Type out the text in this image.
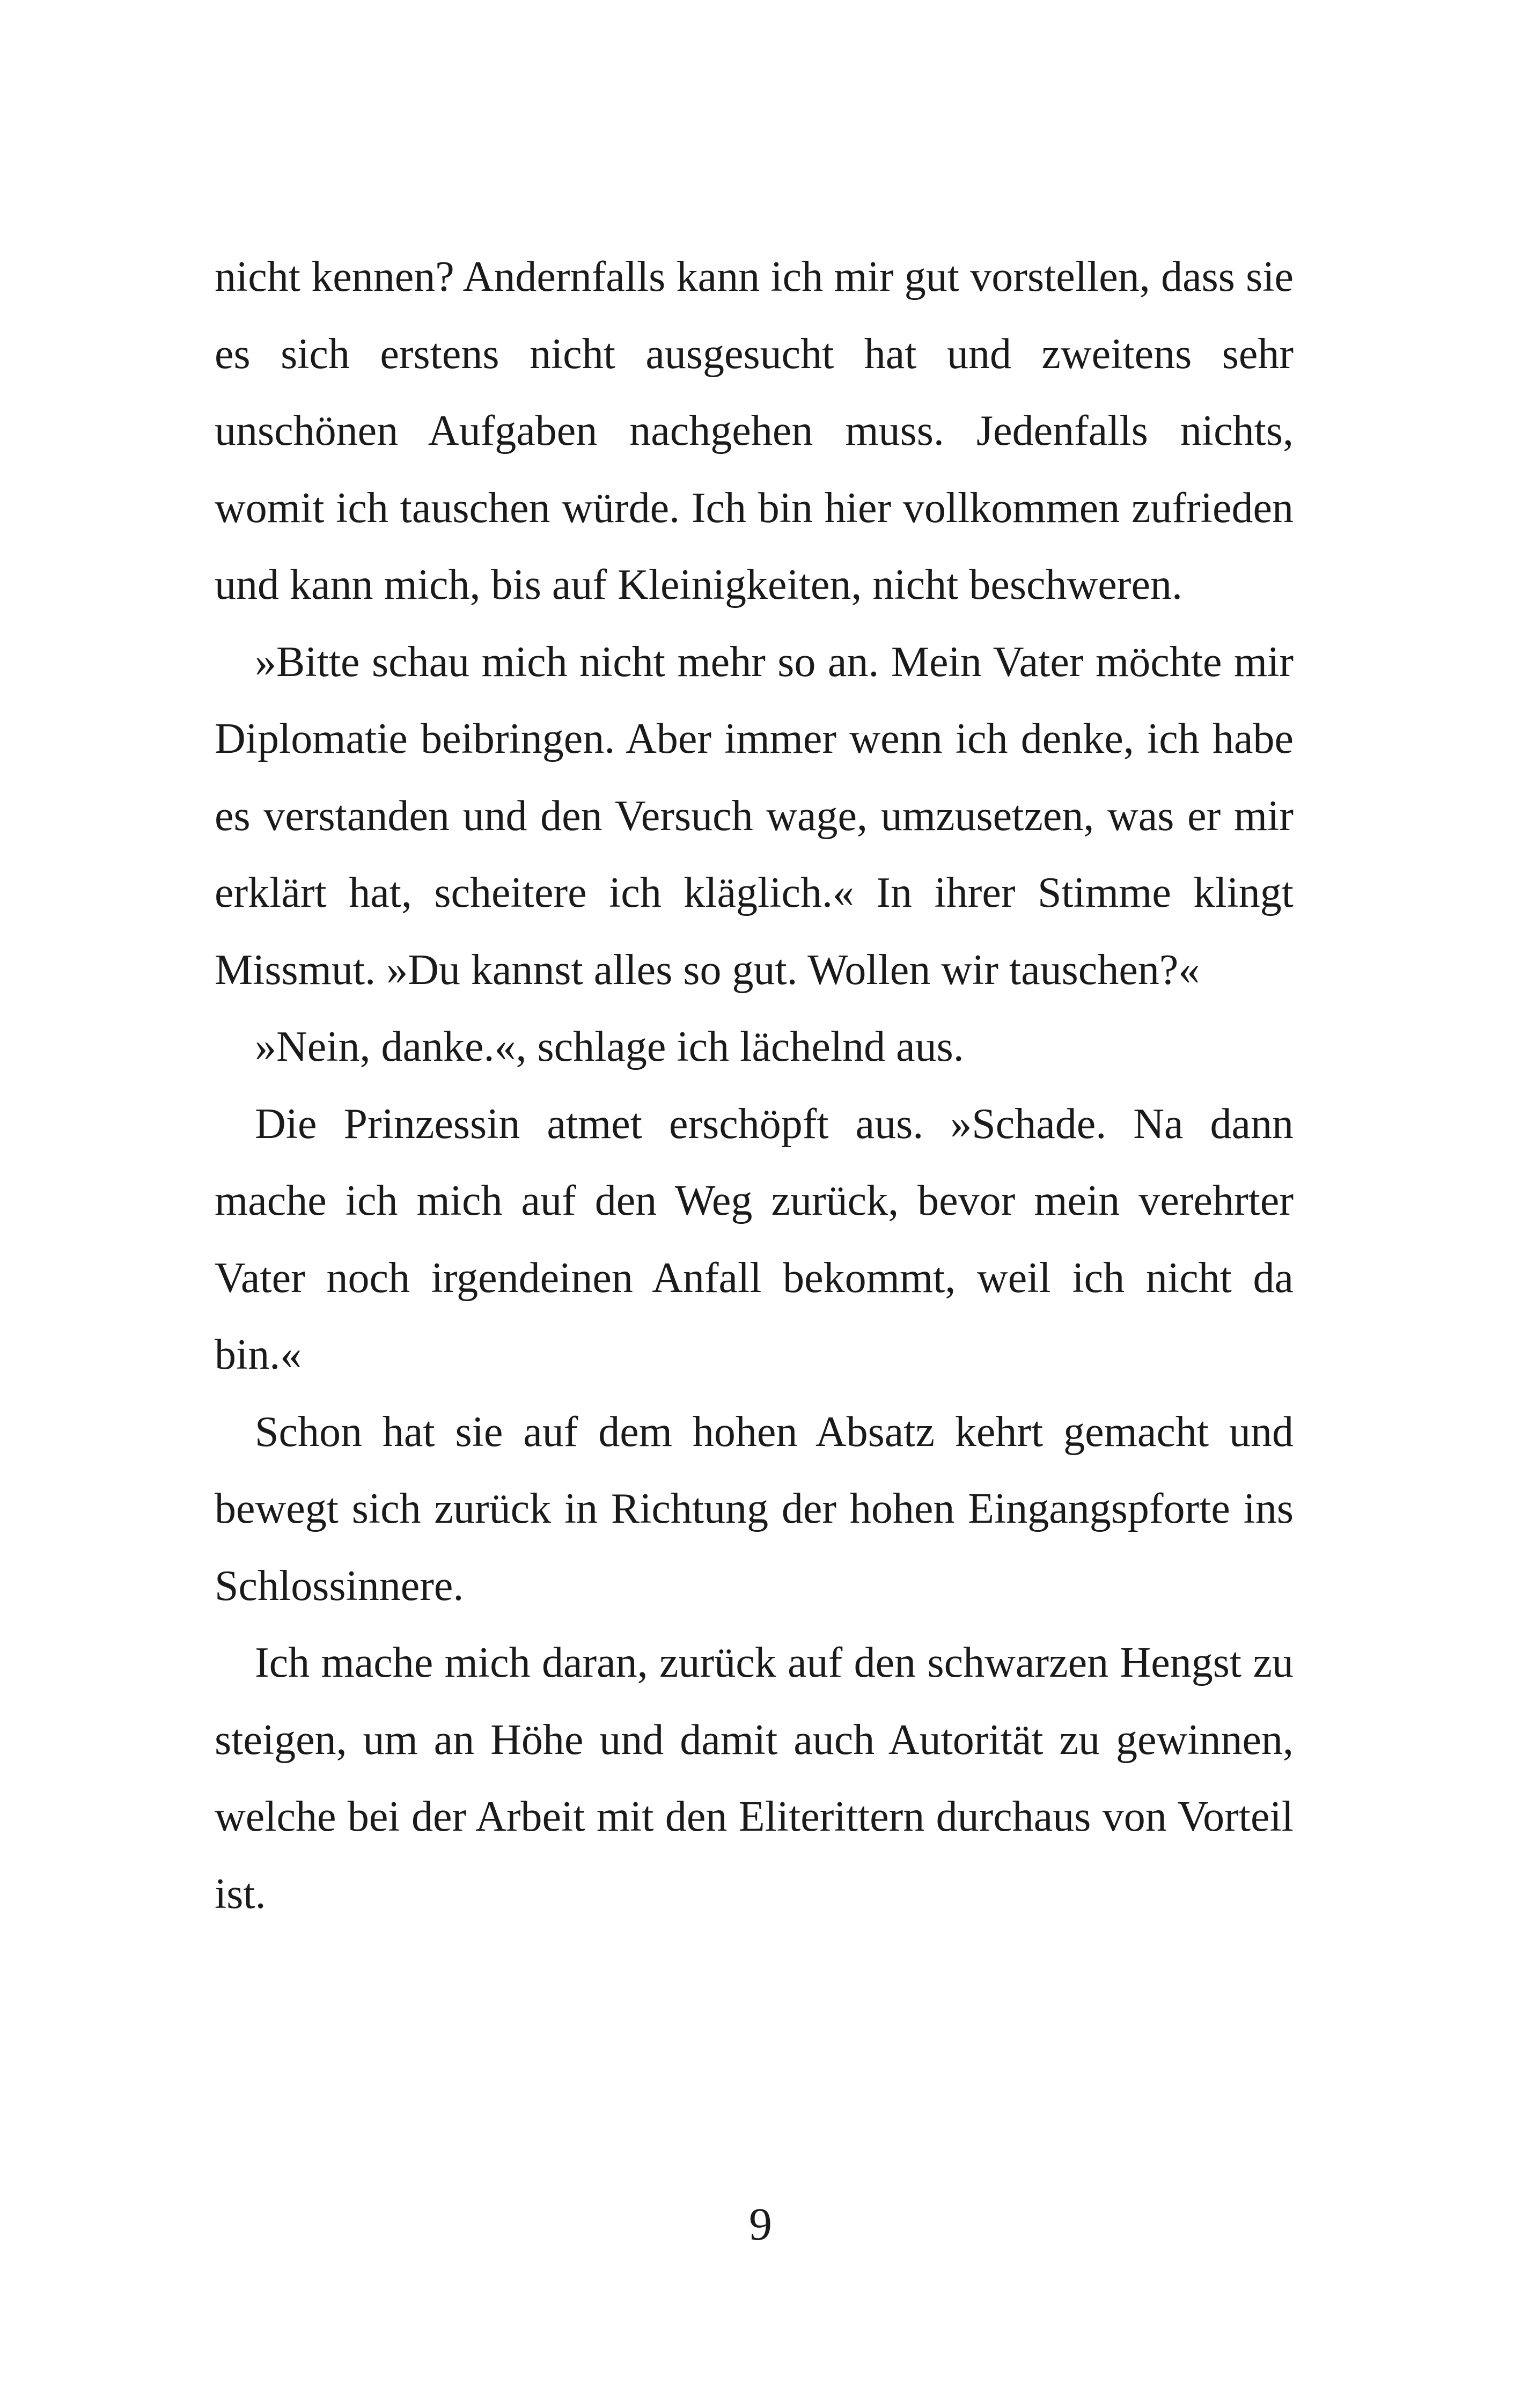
nicht kennen? Andernfalls kann ich mir gut vorstellen, dass sie es sich erstens nicht ausgesucht hat und zweitens sehr unschönen Aufgaben nachgehen muss. Jedenfalls nichts, womit ich tauschen würde. Ich bin hier vollkommen zufrieden und kann mich, bis auf Kleinigkeiten, nicht beschweren.

»Bitte schau mich nicht mehr so an. Mein Vater möchte mir Diplomatie beibringen. Aber immer wenn ich denke, ich habe es verstanden und den Versuch wage, umzusetzen, was er mir erklärt hat, scheitere ich kläglich.« In ihrer Stimme klingt Missmut. »Du kannst alles so gut. Wollen wir tauschen?«

»Nein, danke.«, schlage ich lächelnd aus.

Die Prinzessin atmet erschöpft aus. »Schade. Na dann mache ich mich auf den Weg zurück, bevor mein verehrter Vater noch irgendeinen Anfall bekommt, weil ich nicht da bin.«

Schon hat sie auf dem hohen Absatz kehrt gemacht und bewegt sich zurück in Richtung der hohen Eingangspforte ins Schlossinnere.

Ich mache mich daran, zurück auf den schwarzen Hengst zu steigen, um an Höhe und damit auch Autorität zu gewinnen, welche bei der Arbeit mit den Eliterittern durchaus von Vorteil ist.

9
